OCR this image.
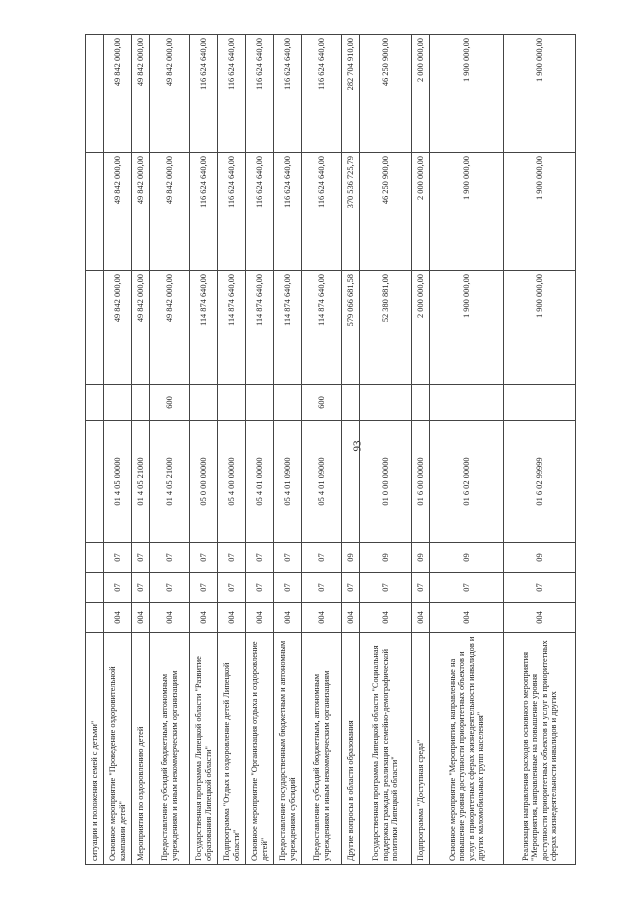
93
ситуации и положения семей с детьми"								
Основное мероприятие "Проведение оздоровительной кампании детей"	004	07	07	01 4 05 00000		49 842 000,00	49 842 000,00	49 842 000,00
Мероприятия по оздоровлению детей	004	07	07	01 4 05 21000		49 842 000,00	49 842 000,00	49 842 000,00
Предоставление субсидий бюджетным, автономным учреждениям и иным некоммерческим организациям	004	07	07	01 4 05 21000	600	49 842 000,00	49 842 000,00	49 842 000,00
Государственная программа Липецкой области "Развитие образования Липецкой области"	004	07	07	05 0 00 00000		114 874 640,00	116 624 640,00	116 624 640,00
Подпрограмма "Отдых и оздоровление детей Липецкой области"	004	07	07	05 4 00 00000		114 874 640,00	116 624 640,00	116 624 640,00
Основное мероприятие "Организация отдыха и оздоровление детей"	004	07	07	05 4 01 00000		114 874 640,00	116 624 640,00	116 624 640,00
Предоставление государственным бюджетным и автономным учреждениям субсидий	004	07	07	05 4 01 09000		114 874 640,00	116 624 640,00	116 624 640,00
Предоставление субсидий бюджетным, автономным учреждениям и иным некоммерческим организациям	004	07	07	05 4 01 09000	600	114 874 640,00	116 624 640,00	116 624 640,00
Другие вопросы в области образования	004	07	09			579 066 681,58	370 536 725,79	282 704 910,00
Государственная программа Липецкой области "Социальная поддержка граждан, реализация семейно-демографической политики Липецкой области"	004	07	09	01 0 00 00000		52 380 881,00	46 250 900,00	46 250 900,00
Подпрограмма "Доступная среда"	004	07	09	01 6 00 00000		2 000 000,00	2 000 000,00	2 000 000,00
Основное мероприятие "Мероприятия, направленные на повышение уровня доступности приоритетных объектов и услуг в приоритетных сферах жизнедеятельности инвалидов и других маломобильных групп населения"	004	07	09	01 6 02 00000		1 900 000,00	1 900 000,00	1 900 000,00
Реализация направления расходов основного мероприятия "Мероприятия, направленные на повышение уровня доступности приоритетных объектов и услуг в приоритетных сферах жизнедеятельности инвалидов и других	004	07	09	01 6 02 99999		1 900 000,00	1 900 000,00	1 900 000,00
